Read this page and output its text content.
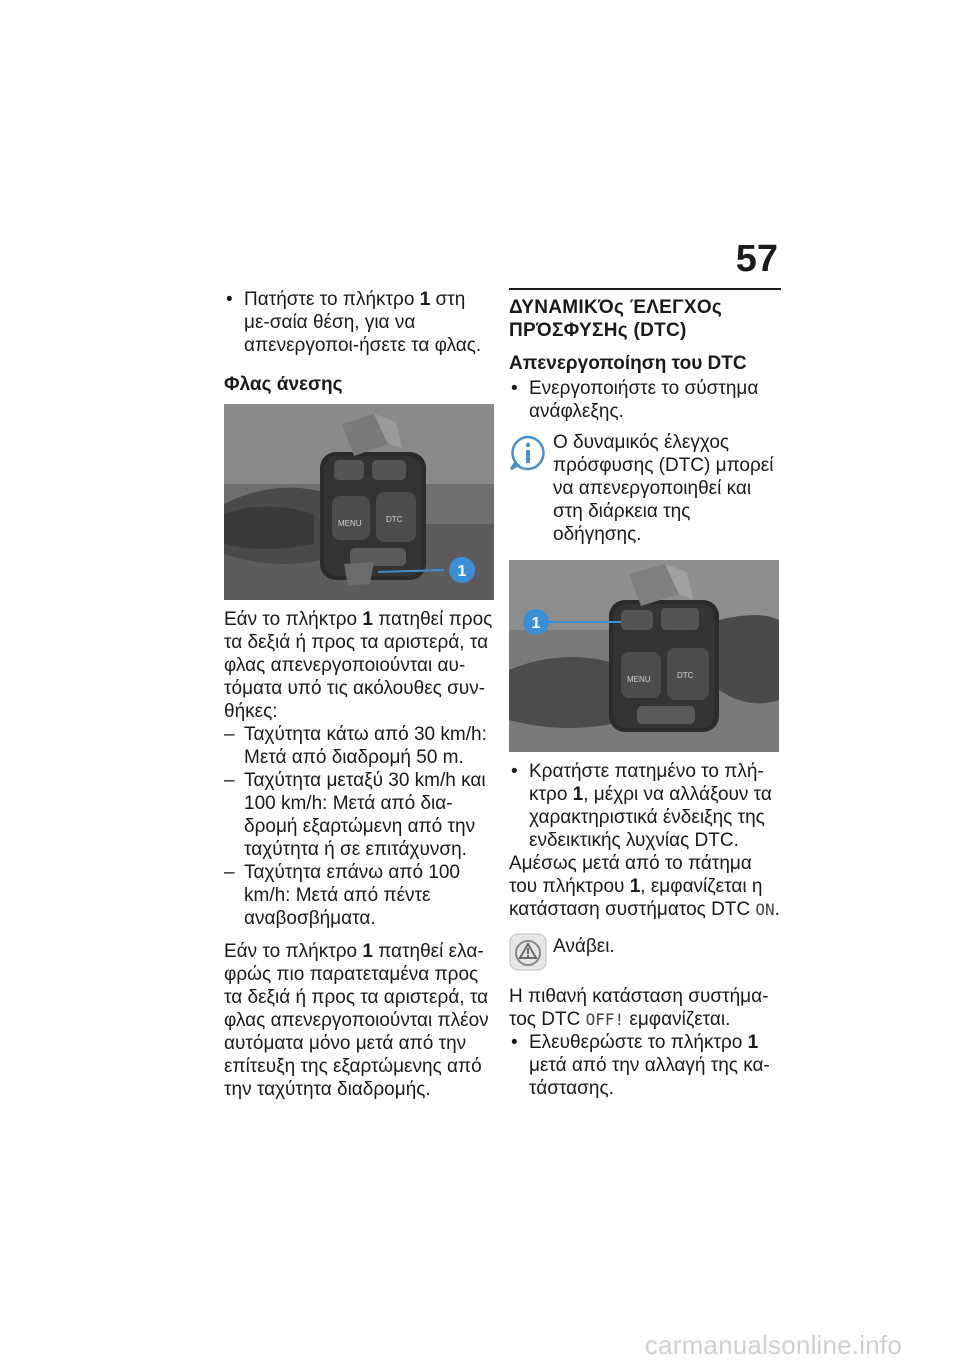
57

• Πατήστε το πλήκτρο 1 στη με-σαία θέση, για να απενεργοποι-ήσετε τα φλας.

Φλας άνεσης
MENU	DTC
1

Εάν το πλήκτρο 1 πατηθεί προς τα δεξιά ή προς τα αριστερά, τα φλας απενεργοποιούνται αυ-τόματα υπό τις ακόλουθες συν-θήκες:

– Ταχύτητα κάτω από 30 km/h: Μετά από διαδρομή 50 m.

– Ταχύτητα μεταξύ 30 km/h και 100 km/h: Μετά από δια-δρομή εξαρτώμενη από την ταχύτητα ή σε επιτάχυνση.

– Ταχύτητα επάνω από 100 km/h: Μετά από πέντε αναβοσβήματα.

Εάν το πλήκτρο 1 πατηθεί ελα-φρώς πιο παρατεταμένα προς τα δεξιά ή προς τα αριστερά, τα φλας απενεργοποιούνται πλέον αυτόματα μόνο μετά από την επίτευξη της εξαρτώμενης από την ταχύτητα διαδρομής.

ΔΥΝΑΜΙΚΌς ΈΛΕΓΧΟς ΠΡΌΣΦΥΣΗς (DTC)
Απενεργοποίηση του DTC

• Ενεργοποιήστε το σύστημα ανάφλεξης.

Ο δυναμικός έλεγχος πρόσφυσης (DTC) μπορεί να απενεργοποιηθεί και στη διάρκεια της οδήγησης.
MENU	DTC
1

• Κρατήστε πατημένο το πλή-κτρο 1, μέχρι να αλλάξουν τα χαρακτηριστικά ένδειξης της ενδεικτικής λυχνίας DTC.

Αμέσως μετά από το πάτημα του πλήκτρου 1, εμφανίζεται η κατάσταση συστήματος DTC ON.

Ανάβει.

Η πιθανή κατάσταση συστήμα-τος DTC OFF! εμφανίζεται.

• Ελευθερώστε το πλήκτρο 1 μετά από την αλλαγή της κα-τάστασης.

carmanualsonline.info
